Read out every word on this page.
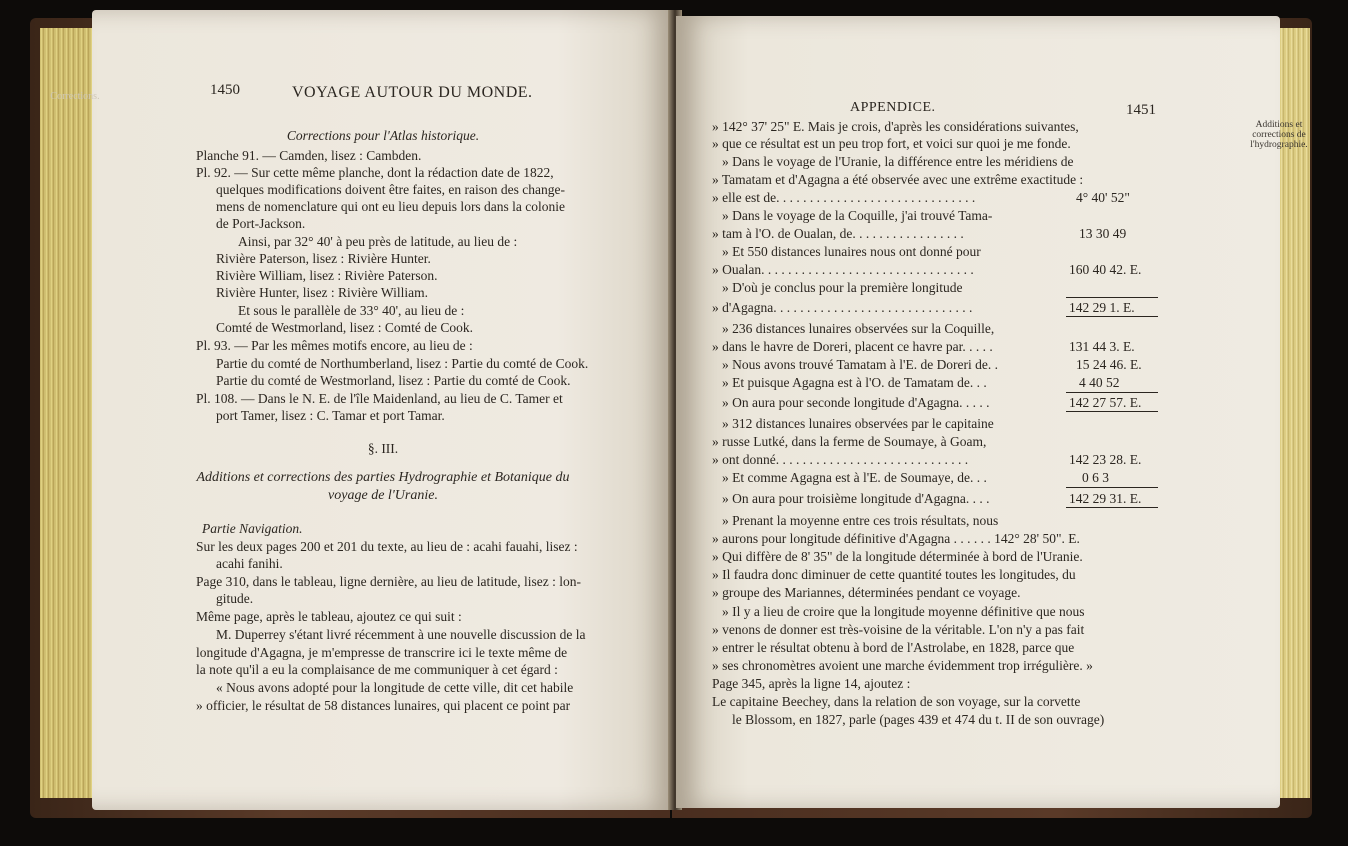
1450	VOYAGE AUTOUR DU MONDE.
Corrections pour l'Atlas historique.
Planche 91. — Camden, lisez : Cambden.
Pl. 92. — Sur cette même planche, dont la rédaction date de 1822,
quelques modifications doivent être faites, en raison des change-
mens de nomenclature qui ont eu lieu depuis lors dans la colonie
de Port-Jackson.
Ainsi, par 32° 40' à peu près de latitude, au lieu de :
Rivière Paterson, lisez : Rivière Hunter.
Rivière William, lisez : Rivière Paterson.
Rivière Hunter, lisez : Rivière William.
Et sous le parallèle de 33° 40', au lieu de :
Comté de Westmorland, lisez : Comté de Cook.
Pl. 93. — Par les mêmes motifs encore, au lieu de :
Partie du comté de Northumberland, lisez : Partie du comté de Cook.
Partie du comté de Westmorland, lisez : Partie du comté de Cook.
Pl. 108. — Dans le N. E. de l'île Maidenland, au lieu de C. Tamer et
port Tamer, lisez : C. Tamar et port Tamar.
§. III.
Additions et corrections des parties Hydrographie et Botanique du
voyage de l'Uranie.
Partie Navigation.
Sur les deux pages 200 et 201 du texte, au lieu de : acahi fauahi, lisez :
acahi fanihi.
Page 310, dans le tableau, ligne dernière, au lieu de latitude, lisez : lon-
gitude.
Même page, après le tableau, ajoutez ce qui suit :
M. Duperrey s'étant livré récemment à une nouvelle discussion de la
longitude d'Agagna, je m'empresse de transcrire ici le texte même de
la note qu'il a eu la complaisance de me communiquer à cet égard :
« Nous avons adopté pour la longitude de cette ville, dit cet habile
» officier, le résultat de 58 distances lunaires, qui placent ce point par
Corrections.
APPENDICE.	1451
» 142° 37' 25" E. Mais je crois, d'après les considérations suivantes,
» que ce résultat est un peu trop fort, et voici sur quoi je me fonde.
» Dans le voyage de l'Uranie, la différence entre les méridiens de
» Tamatam et d'Agagna a été observée avec une extrême exactitude :
» elle est de. . . . . . . . . . . . . . . . . . . . . . . . . . . . . .	4° 40' 52"
» Dans le voyage de la Coquille, j'ai trouvé Tama-
» tam à l'O. de Oualan, de. . . . . . . . . . . . . . . . .	13 30 49
» Et 550 distances lunaires nous ont donné pour
» Oualan. . . . . . . . . . . . . . . . . . . . . . . . . . . . . . . .	160 40 42. E.
» D'où je conclus pour la première longitude
» d'Agagna. . . . . . . . . . . . . . . . . . . . . . . . . . . . . .	142 29 1. E.
» 236 distances lunaires observées sur la Coquille,
» dans le havre de Doreri, placent ce havre par. . . . .	131 44 3. E.
» Nous avons trouvé Tamatam à l'E. de Doreri de. .	15 24 46. E.
» Et puisque Agagna est à l'O. de Tamatam de. . .	4 40 52
» On aura pour seconde longitude d'Agagna. . . . .	142 27 57. E.
» 312 distances lunaires observées par le capitaine
» russe Lutké, dans la ferme de Soumaye, à Goam,
» ont donné. . . . . . . . . . . . . . . . . . . . . . . . . . . . .	142 23 28. E.
» Et comme Agagna est à l'E. de Soumaye, de. . .	0 6 3
» On aura pour troisième longitude d'Agagna. . . .	142 29 31. E.
» Prenant la moyenne entre ces trois résultats, nous
» aurons pour longitude définitive d'Agagna . . . . . . 142° 28' 50". E.
» Qui diffère de 8' 35" de la longitude déterminée à bord de l'Uranie.
» Il faudra donc diminuer de cette quantité toutes les longitudes, du
» groupe des Mariannes, déterminées pendant ce voyage.
» Il y a lieu de croire que la longitude moyenne définitive que nous
» venons de donner est très-voisine de la véritable. L'on n'y a pas fait
» entrer le résultat obtenu à bord de l'Astrolabe, en 1828, parce que
» ses chronomètres avoient une marche évidemment trop irrégulière. »
Page 345, après la ligne 14, ajoutez :
Le capitaine Beechey, dans la relation de son voyage, sur la corvette
le Blossom, en 1827, parle (pages 439 et 474 du t. II de son ouvrage)
Additions et corrections de l'hydrographie.
